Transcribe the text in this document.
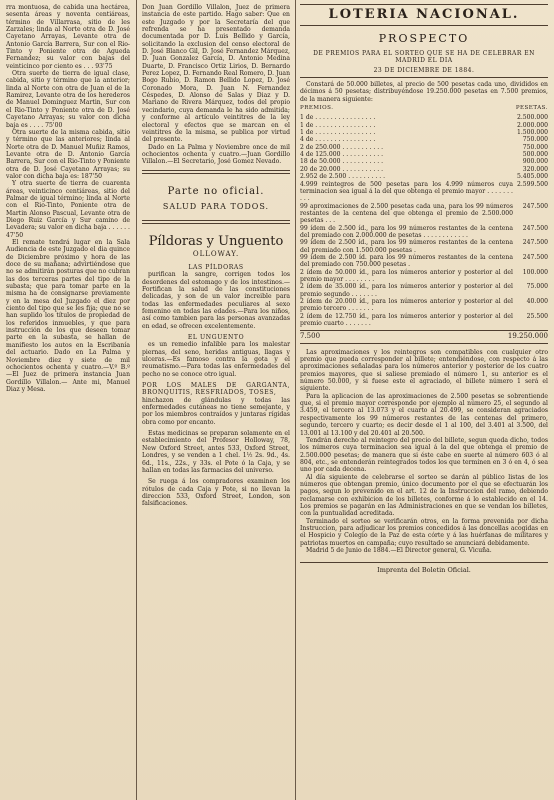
rra montuosa, de cabida una hectárea, sesenta áreas y noventa centiáreas, término de Villarrasa, sitio de les Zarzales; linda al Norte otra de D. José Cayetano Arrayas, Levante otra de Antonio García Barrera, Sur con el Rio-Tinto y Poniente otra de Agueda Fernandez; su valor con bajas del veinticinco por ciento es . . . 93'75

Otra suerte de tierra de igual clase, cabida, sitio y término que la anterior; linda al Norte con otra de Juan el de la Ramirez, Levante otra de los herederos de Manuel Dominguez Martin, Sur con el Rio-Tinto y Poniente otra de D. José Cayetano Arrayas; su valor con dicha baja es . . . . 75'00

Otra suerte de la misma cabida, sitio y término que las anteriores; linda al Norte otra de D. Manuel Muñiz Ramos, Levante otra de D. Antonio García Barrera, Sur con el Rio-Tinto y Poniente otra de D. José Cayetano Arrayas; su valor con dicha baja es: 187'50

Y otra suerte de tierra de cuarenta áreas, veinticinco centiáreas, sitio del Palmar de igual término; linda al Norte con el Rio-Tinto, Poniente otra de Martin Alonso Pascual, Levante otra de Diego Ruiz García y Sur camino de Levadera; su valor en dicha baja . . . . . . 47'50

El remate tendrá lugar en la Sala Audiencia de este Juzgado el dia quince de Diciembre próximo y hora de las doce de su mañana; advirtiéndose que no se admitirán posturas que no cubran las dos terceras partes del tipo de la subasta; que para tomar parte en la misma ha de consignarse previamente y en la mesa del Juzgado el diez por ciento del tipo que se les fija; que no se han suplido los títulos de propiedad de los referidos inmuebles, y que para instrucción de los que deseen tomar parte en la subasta, se hallan de manifiesto los autos en la Escribanía del actuario. Dado en La Palma y Noviembre diez y siete de mil ochocientos ochenta y cuatro.—V.º B.º—El Juez de primera instancia Juan Gordillo Villalon.— Ante mi, Manuel Diaz y Mesa.

Don Juan Gordillo Villalon, Juez de primera instancia de este partido. Hago saber: Que en este Juzgado y por la Secretaría del que refrenda se ha presentado demanda documentada por D. Luis Bellido y García, solicitando la exclusion del censo electoral de D. José Blanco Gil, D. José Fernandez Márquez, D. Juan Gonzalez García, D. Antonio Medina Duarte, D. Francisco Ortiz Lirios, D. Bernardo Perez Lopez, D. Fernando Real Romero, D. Juan Bogo Rubio, D. Ramon Bellido Lopez, D. José Coronado Mora, D. Juan N. Fernandez Céspedes, D. Alonso de Salas y Diaz y D. Mariano de Rivera Márquez, todos del propio vecindario, cuya demanda le ha sido admitida; y conforme al artículo veintitres de la ley electoral y efectos que se marcan en el veintitres de la misma, se publica por virtud del presente.

Dado en La Palma y Noviembre once de mil ochocientos ochenta y cuatro.—Juan Gordillo Villalon.—El Secretario, José Gomez Nevado.

Parte no oficial.
SALUD PARA TODOS.
Píldoras y Unguento
OLLOWAY.
LAS PÍLDORAS

purifican la sangre, corrigen todos los desordenes del estomago y de los intestinos.—Fortifican la salud de las constituciones delicadas, y son de un valor increible para todas las enfermedades peculiares al sexo femenino en todas las edades.—Para los niños, así como tambien para las personas avanzadas en edad, se ofrecen excelentemente.

EL UNGUENTO

es un remedio infalible para los malestar piernas, del seno, heridas antiguas, llagas y ulceras.—Es famoso contra la gota y el reumatismo.—Para todas las enfermedades del pecho no se conoce otro igual.

POR LOS MALES DE GARGANTA, BRONQUITIS, RESFRIADOS, TOSES,

hinchazon de glándulas y todas las enfermedades cutáneas no tiene semejante, y por los miembros contraídos y juntaras rígidas obra como por encanto.

Estas medicinas se preparan solamente en el establecimiento del Profesor Holloway, 78, New Oxford Street, antes 533, Oxford Street, Londres, y se venden a 1 chel. 1½ 2s. 9d., 4s. 6d., 11s., 22s., y 33s. el Pote ó la Caja, y se hallan en todas las farmacias del universo.

Se ruega á los compradores examinen los rótulos de cada Caja y Pote, si no llevan la direccion 533, Oxford Street, London, son falsificaciones.

LOTERIA NACIONAL.
PROSPECTO
DE PREMIOS PARA EL SORTEO QUE SE HA DE CELEBRAR EN MADRID EL DIA
23 DE DICIEMBRE DE 1884.

Constará de 50.000 billetes, al precio de 500 pesetas cada uno, divididos en décimos á 50 pesetas; distribuyéndose 19.250.000 pesetas en 7.500 premios, de la manera siguiente:

PREMIOS.	PESETAS.
1 de . . . . . . . . . . . . . . . .	2.500.000
1 de . . . . . . . . . . . . . . . .	2.000.000
1 de . . . . . . . . . . . . . . . .	1.500.000
4 de . . . . . . . . . . . . . . . .	750.000
2 de 250.000 . . . . . . . . . . .	750.000
4 de 125.000 . . . . . . . . . . .	500.000
18 de 50.000 . . . . . . . . . . .	900.000
20 de 20.000 . . . . . . . . . . .	320.000
2.952 de 2.500 . . . . . . . . . .	5.405.000
4.999 reintegros de 500 pesetas para los 4.999 números cuya terminacion sea igual á la del que obtenga el premio mayor . . . . . . . . . .	2.599.500
99 aproximaciones de 2.500 pesetas cada una, para los 99 números restantes de la centena del que obtenga el premio de 2.500.000 pesetas . . .	247.500
99 ídem de 2.500 íd., para los 99 números restantes de la centena del premiado con 2.000.000 de pesetas . . . . . . . . . . . .	247.500
99 ídem de 2.500 íd., para los 99 números restantes de la centena del premiado con 1.500.000 pesetas .	247.500
99 ídem de 2.500 íd. para los 99 números restantes de la centena del premiado con 750.000 pesetas .	247.500
2 ídem de 50.000 íd., para los números anterior y posterior al del premio mayor . . . . . . . .	100.000
2 ídem de 35.000 íd., para los números anterior y posterior al del premio segundo . . . . . . .	75.000
2 ídem de 20.000 íd., para los números anterior y posterior al del premio tercero . . . . . . .	40.000
2 ídem de 12.750 íd., para los números anterior y posterior al del premio cuarto . . . . . . .	25.500
7.500	19.250.000

Las aproximaciones y los reintegros son compatibles con cualquier otro premio que pueda corresponder al billete; entendiéndose, con respecto á las aproximaciones señaladas para los números anterior y posterior de los cuatro premios mayores, que si saliese premiado el número 1, su anterior es el número 50.000, y si fuese este el agraciado, el billete número 1 será el siguiente.

Para la aplicacion de las aproximaciones de 2.500 pesetas se sobrentiende que, si el premio mayor corresponde por ejemplo al número 25, el segundo al 3.459, el tercero al 13.073 y el cuarto al 20.499, se consideran agraciados respectivamente los 99 números restantes de las centenas del primero, segundo, tercero y cuarto; es decir desde el 1 al 100, del 3.401 al 3.500, del 13.001 al 13.100 y del 20.401 al 20.500.

Tendrán derecho al reintegro del precio del billete, segun queda dicho, todos los números cuya terminacion sea igual á la del que obtenga el premio de 2.500.000 pesetas; de manera que si éste cabe en suerte al número 603 ó al 804, etc., se entenderán reintegrados todos los que terminen en 3 ó en 4, ó sea uno por cada decena.

Al día siguiente de celebrarse el sorteo se darán al público listas de los números que obtengan premio, único documento por el que se efectuarán los pagos, segun lo prevenido en el art. 12 de la Instruccion del ramo, debiendo reclamarse con exhibicion de los billetes, conforme á lo establecido en el 14. Los premios se pagarán en las Administraciones en que se vendan los billetes, con la puntualidad acreditada.

Terminado el sorteo se verificarán otros, en la forma prevenida por dicha Instruccion, para adjudicar los premios concedidos á las doncellas acogidas en el Hospicio y Colegio de la Paz de esta córte y á las huérfanas de militares y patriotas muertos en campaña; cuyo resultado se anunciará debidamente.

Madrid 5 de Junio de 1884.—El Director general, G. Vicuña.

Imprenta del Boletin Oficial.
